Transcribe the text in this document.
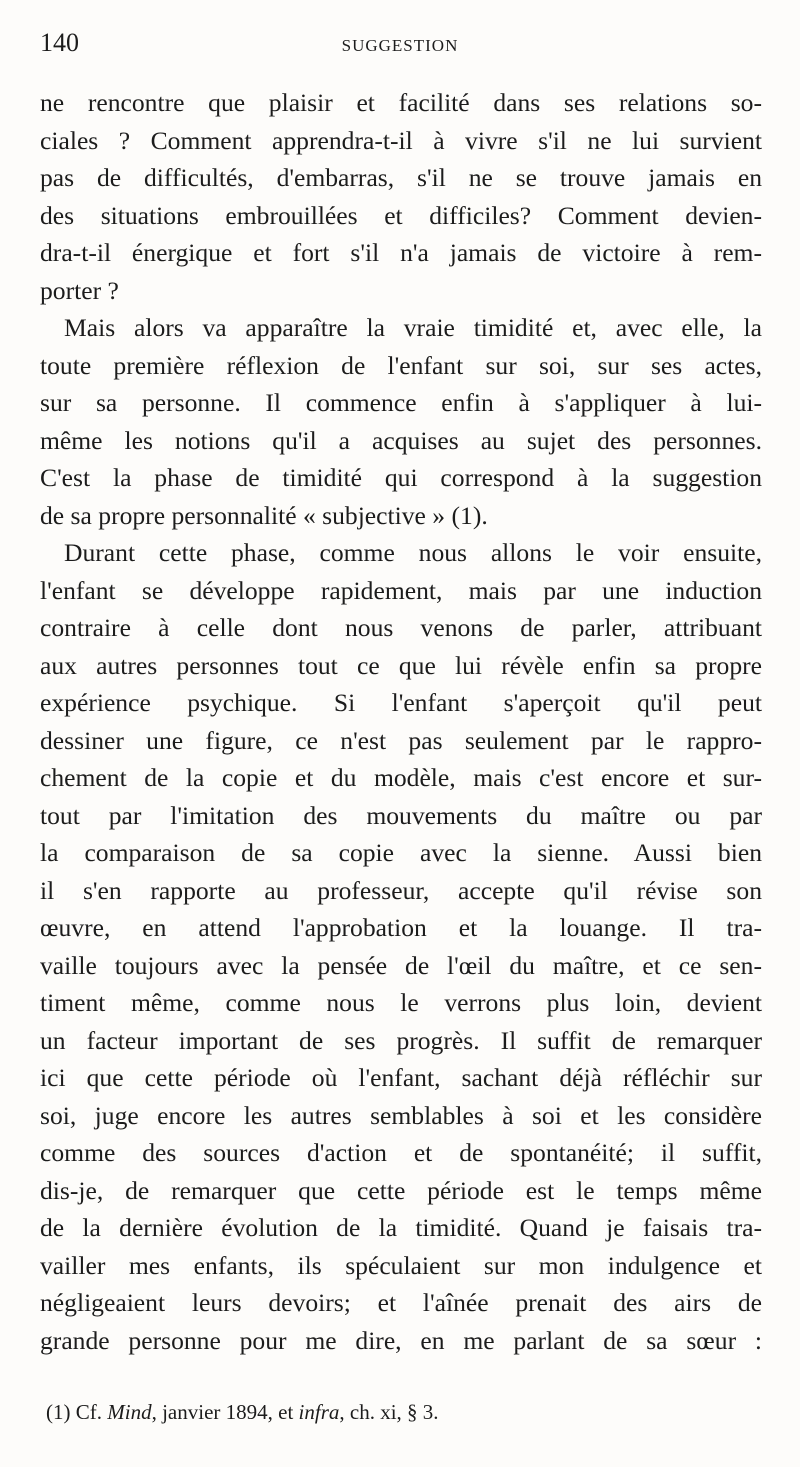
140	SUGGESTION
ne rencontre que plaisir et facilité dans ses relations so-
ciales ? Comment apprendra-t-il à vivre s'il ne lui survient
pas de difficultés, d'embarras, s'il ne se trouve jamais en
des situations embrouillées et difficiles? Comment devien-
dra-t-il énergique et fort s'il n'a jamais de victoire à rem-
porter ?
Mais alors va apparaître la vraie timidité et, avec elle, la
toute première réflexion de l'enfant sur soi, sur ses actes,
sur sa personne. Il commence enfin à s'appliquer à lui-
même les notions qu'il a acquises au sujet des personnes.
C'est la phase de timidité qui correspond à la suggestion
de sa propre personnalité « subjective » (1).
Durant cette phase, comme nous allons le voir ensuite,
l'enfant se développe rapidement, mais par une induction
contraire à celle dont nous venons de parler, attribuant
aux autres personnes tout ce que lui révèle enfin sa propre
expérience psychique. Si l'enfant s'aperçoit qu'il peut
dessiner une figure, ce n'est pas seulement par le rappro-
chement de la copie et du modèle, mais c'est encore et sur-
tout par l'imitation des mouvements du maître ou par
la comparaison de sa copie avec la sienne. Aussi bien
il s'en rapporte au professeur, accepte qu'il révise son
œuvre, en attend l'approbation et la louange. Il tra-
vaille toujours avec la pensée de l'œil du maître, et ce sen-
timent même, comme nous le verrons plus loin, devient
un facteur important de ses progrès. Il suffit de remarquer
ici que cette période où l'enfant, sachant déjà réfléchir sur
soi, juge encore les autres semblables à soi et les considère
comme des sources d'action et de spontanéité; il suffit,
dis-je, de remarquer que cette période est le temps même
de la dernière évolution de la timidité. Quand je faisais tra-
vailler mes enfants, ils spéculaient sur mon indulgence et
négligeaient leurs devoirs; et l'aînée prenait des airs de
grande personne pour me dire, en me parlant de sa sœur :
(1) Cf. Mind, janvier 1894, et infra, ch. xi, § 3.
